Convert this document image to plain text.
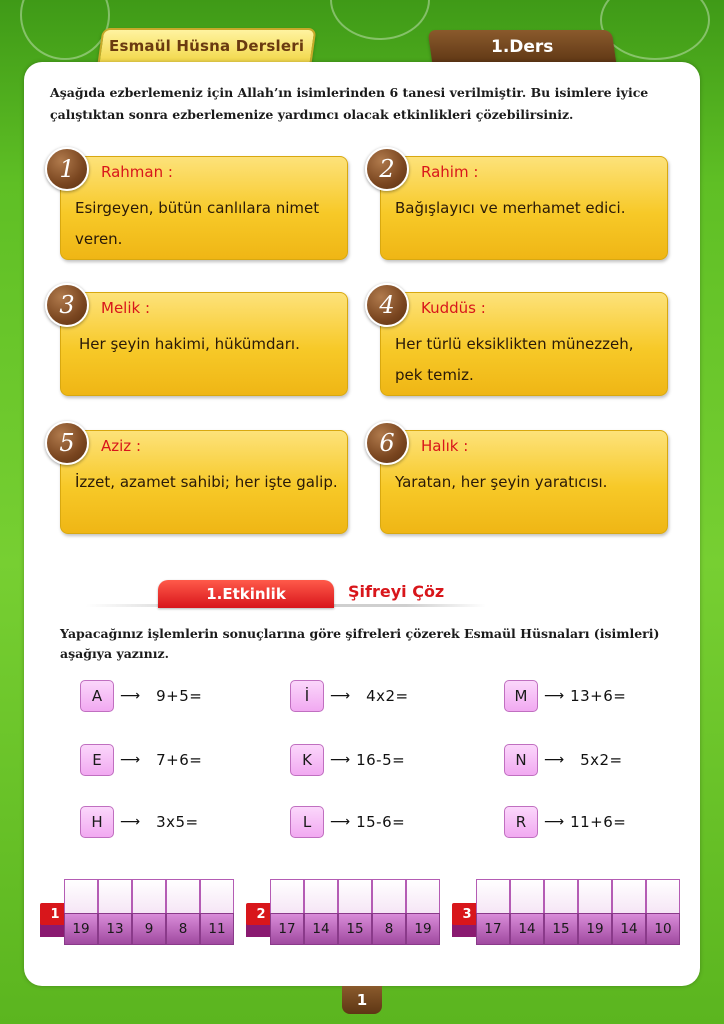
Esmaül Hüsna Dersleri	1.Ders

Aşağıda ezberlemeniz için Allah’ın isimlerinden 6 tanesi verilmiştir. Bu isimlere iyice çalıştıktan sonra ezberlemenize yardımcı olacak etkinlikleri çözebilirsiniz.

1	Rahman :
Esirgeyen, bütün canlılara nimet veren.
2	Rahim :
Bağışlayıcı ve merhamet edici.
3	Melik :
Her şeyin hakimi, hükümdarı.
4	Kuddüs :
Her türlü eksiklikten münezzeh, pek temiz.
5	Aziz :
İzzet, azamet sahibi; her işte galip.
6	Halık :
Yaratan, her şeyin yaratıcısı.
1.Etkinlik	Şifreyi Çöz

Yapacağınız işlemlerin sonuçlarına göre şifreleri çözerek Esmaül Hüsnaları (isimleri) aşağıya yazınız.

A	⟶ 9+5=	İ	⟶ 4x2=	M	⟶ 13+6=
E	⟶ 7+6=	K	⟶ 16-5=	N	⟶ 5x2=
H	⟶ 3x5=	L	⟶ 15-6=	R	⟶ 11+6=
1
19	13	9	8	11
2
17	14	15	8	19
3
17	14	15	19	14	10
1
